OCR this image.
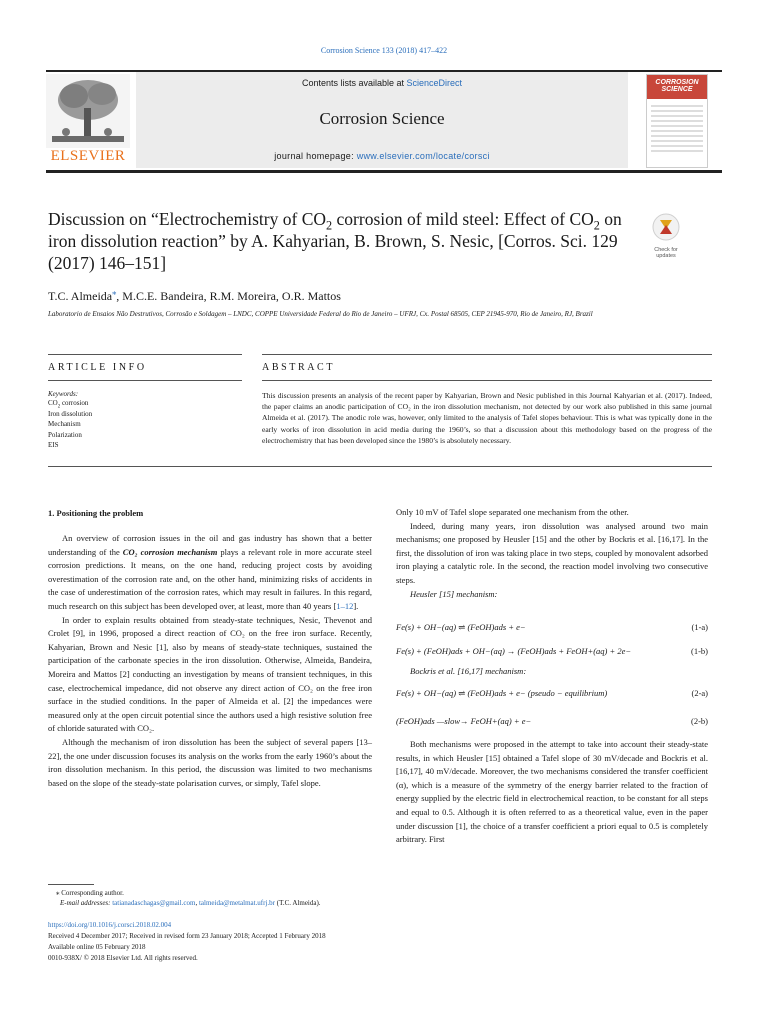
Corrosion Science 133 (2018) 417–422
ELSEVIER
Contents lists available at ScienceDirect
Corrosion Science
journal homepage: www.elsevier.com/locate/corsci
CORROSION SCIENCE
Discussion on “Electrochemistry of $CO_2$ corrosion of mild steel: Effect of $CO_2$ on iron dissolution reaction” by A. Kahyarian, B. Brown, S. Nesic, [Corros. Sci. 129 (2017) 146–151]
Check for updates
T.C. Almeida⁎, M.C.E. Bandeira, R.M. Moreira, O.R. Mattos
Laboratorio de Ensaios Não Destrutivos, Corrosão e Soldagem – LNDC, COPPE Universidade Federal do Rio de Janeiro – UFRJ, Cx. Postal 68505, CEP 21945-970, Rio de Janeiro, RJ, Brazil
ARTICLE INFO	ABSTRACT
Keywords:
$CO_2$ corrosion
Iron dissolution
Mechanism
Polarization
EIS
This discussion presents an analysis of the recent paper by Kahyarian, Brown and Nesic published in this Journal Kahyarian et al. (2017). Indeed, the paper claims an anodic participation of CO₂ in the iron dissolution mechanism, not detected by our work also published in this same journal Almeida et al. (2017). The anodic role was, however, only limited to the analysis of Tafel slopes behaviour. This is what was typically done in the early works of iron dissolution in acid media during the 1960’s, so that a discussion about this methodology based on the progress of the electrochemistry that has been developed since the 1980’s is absolutely necessary.
1. Positioning the problem

An overview of corrosion issues in the oil and gas industry has shown that a better understanding of the CO₂ corrosion mechanism plays a relevant role in more accurate steel corrosion predictions. It means, on the one hand, reducing project costs by avoiding overestimation of the corrosion rate and, on the other hand, minimizing risks of accidents in the case of underestimation of the corrosion rates, which may result in failures. In this regard, much research on this subject has been developed over, at least, more than 40 years [1–12].

In order to explain results obtained from steady-state techniques, Nesic, Thevenot and Crolet [9], in 1996, proposed a direct reaction of CO₂ on the free iron surface. Recently, Kahyarian, Brown and Nesic [1], also by means of steady-state techniques, sustained the participation of the carbonate species in the iron dissolution. Otherwise, Almeida, Bandeira, Moreira and Mattos [2] conducting an investigation by means of transient techniques, in this case, electrochemical impedance, did not observe any direct action of CO₂ on the free iron surface in the studied conditions. In the paper of Almeida et al. [2] the impedances were measured only at the open circuit potential since the authors used a high resistive solution free of chloride saturated with CO₂.

Although the mechanism of iron dissolution has been the subject of several papers [13–22], the one under discussion focuses its analysis on the works from the early 1960’s about the iron dissolution mechanism. In this period, the discussion was limited to two mechanisms based on the slope of the steady-state polarisation curves, or simply, Tafel slope.

Only 10 mV of Tafel slope separated one mechanism from the other.

Indeed, during many years, iron dissolution was analysed around two main mechanisms; one proposed by Heusler [15] and the other by Bockris et al. [16,17]. In the first, the dissolution of iron was taking place in two steps, coupled by monovalent adsorbed iron playing a catalytic role. In the second, the reaction model involving two consecutive steps.

Heusler [15] mechanism:

Fe(s) + OH−(aq) ⇌ (FeOH)ads + e−	(1-a)
Fe(s) + (FeOH)ads + OH−(aq) → (FeOH)ads + FeOH+(aq) + 2e−	(1-b)

Bockris et al. [16,17] mechanism:

Fe(s) + OH−(aq) ⇌ (FeOH)ads + e− (pseudo − equilibrium)	(2-a)
(FeOH)ads —slow→ FeOH+(aq) + e−	(2-b)

Both mechanisms were proposed in the attempt to take into account their steady-state results, in which Heusler [15] obtained a Tafel slope of 30 mV/decade and Bockris et al. [16,17], 40 mV/decade. Moreover, the two mechanisms considered the transfer coefficient (α), which is a measure of the symmetry of the energy barrier related to the fraction of energy supplied by the electric field in electrochemical reaction, to be constant for all steps and equal to 0.5. Although it is often referred to as a theoretical value, even in the paper under discussion [1], the choice of a transfer coefficient a priori equal to 0.5 is completely arbitrary. First

⁎ Corresponding author.
E-mail addresses: tatianadaschagas@gmail.com, talmeida@metalmat.ufrj.br (T.C. Almeida).
https://doi.org/10.1016/j.corsci.2018.02.004
Received 4 December 2017; Received in revised form 23 January 2018; Accepted 1 February 2018
Available online 05 February 2018
0010-938X/ © 2018 Elsevier Ltd. All rights reserved.
